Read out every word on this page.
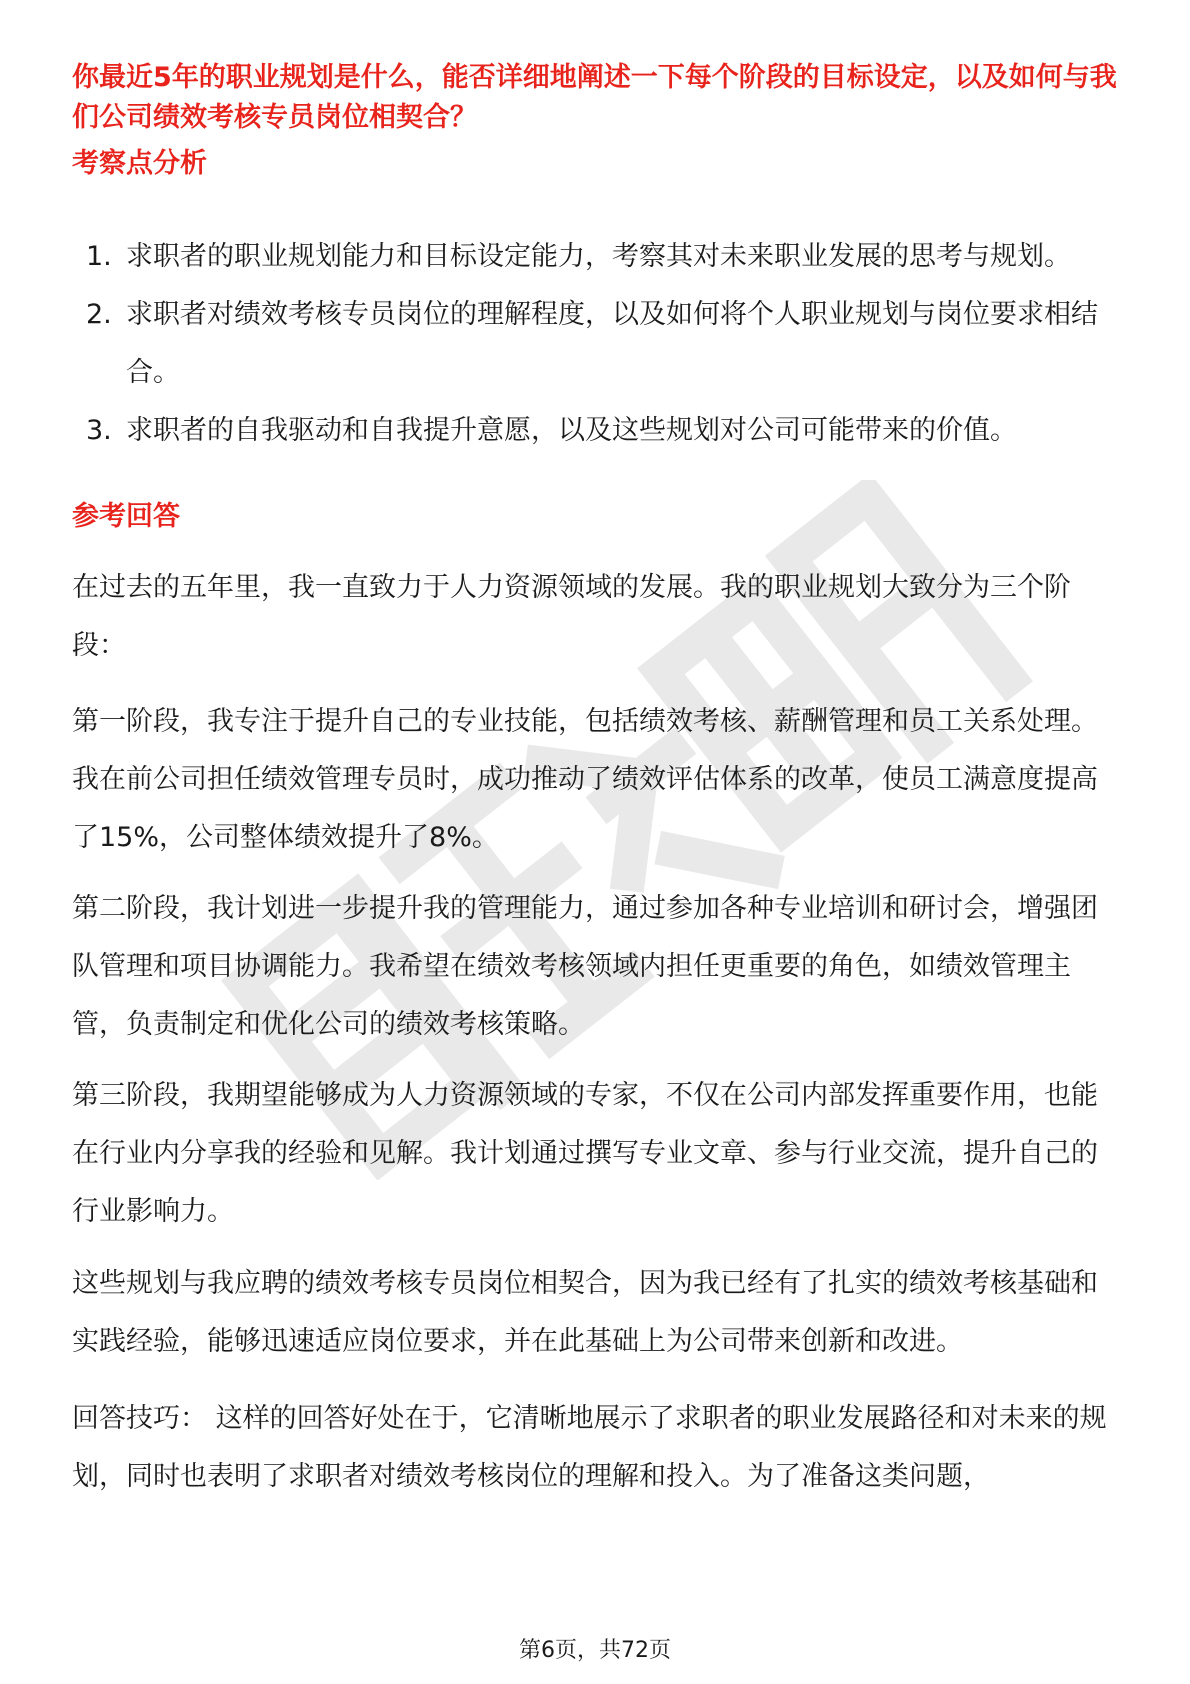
你最近5年的职业规划是什么，能否详细地阐述一下每个阶段的目标设定，以及如何与我们公司绩效考核专员岗位相契合？
考察点分析
1. 求职者的职业规划能力和目标设定能力，考察其对未来职业发展的思考与规划。
2. 求职者对绩效考核专员岗位的理解程度，以及如何将个人职业规划与岗位要求相结合。
3. 求职者的自我驱动和自我提升意愿，以及这些规划对公司可能带来的价值。
参考回答

在过去的五年里，我一直致力于人力资源领域的发展。我的职业规划大致分为三个阶段：

第一阶段，我专注于提升自己的专业技能，包括绩效考核、薪酬管理和员工关系处理。我在前公司担任绩效管理专员时，成功推动了绩效评估体系的改革，使员工满意度提高了15%，公司整体绩效提升了8%。

第二阶段，我计划进一步提升我的管理能力，通过参加各种专业培训和研讨会，增强团队管理和项目协调能力。我希望在绩效考核领域内担任更重要的角色，如绩效管理主管，负责制定和优化公司的绩效考核策略。

第三阶段，我期望能够成为人力资源领域的专家，不仅在公司内部发挥重要作用，也能在行业内分享我的经验和见解。我计划通过撰写专业文章、参与行业交流，提升自己的行业影响力。

这些规划与我应聘的绩效考核专员岗位相契合，因为我已经有了扎实的绩效考核基础和实践经验，能够迅速适应岗位要求，并在此基础上为公司带来创新和改进。

回答技巧： 这样的回答好处在于，它清晰地展示了求职者的职业发展路径和对未来的规划，同时也表明了求职者对绩效考核岗位的理解和投入。为了准备这类问题，

第6页，共72页
